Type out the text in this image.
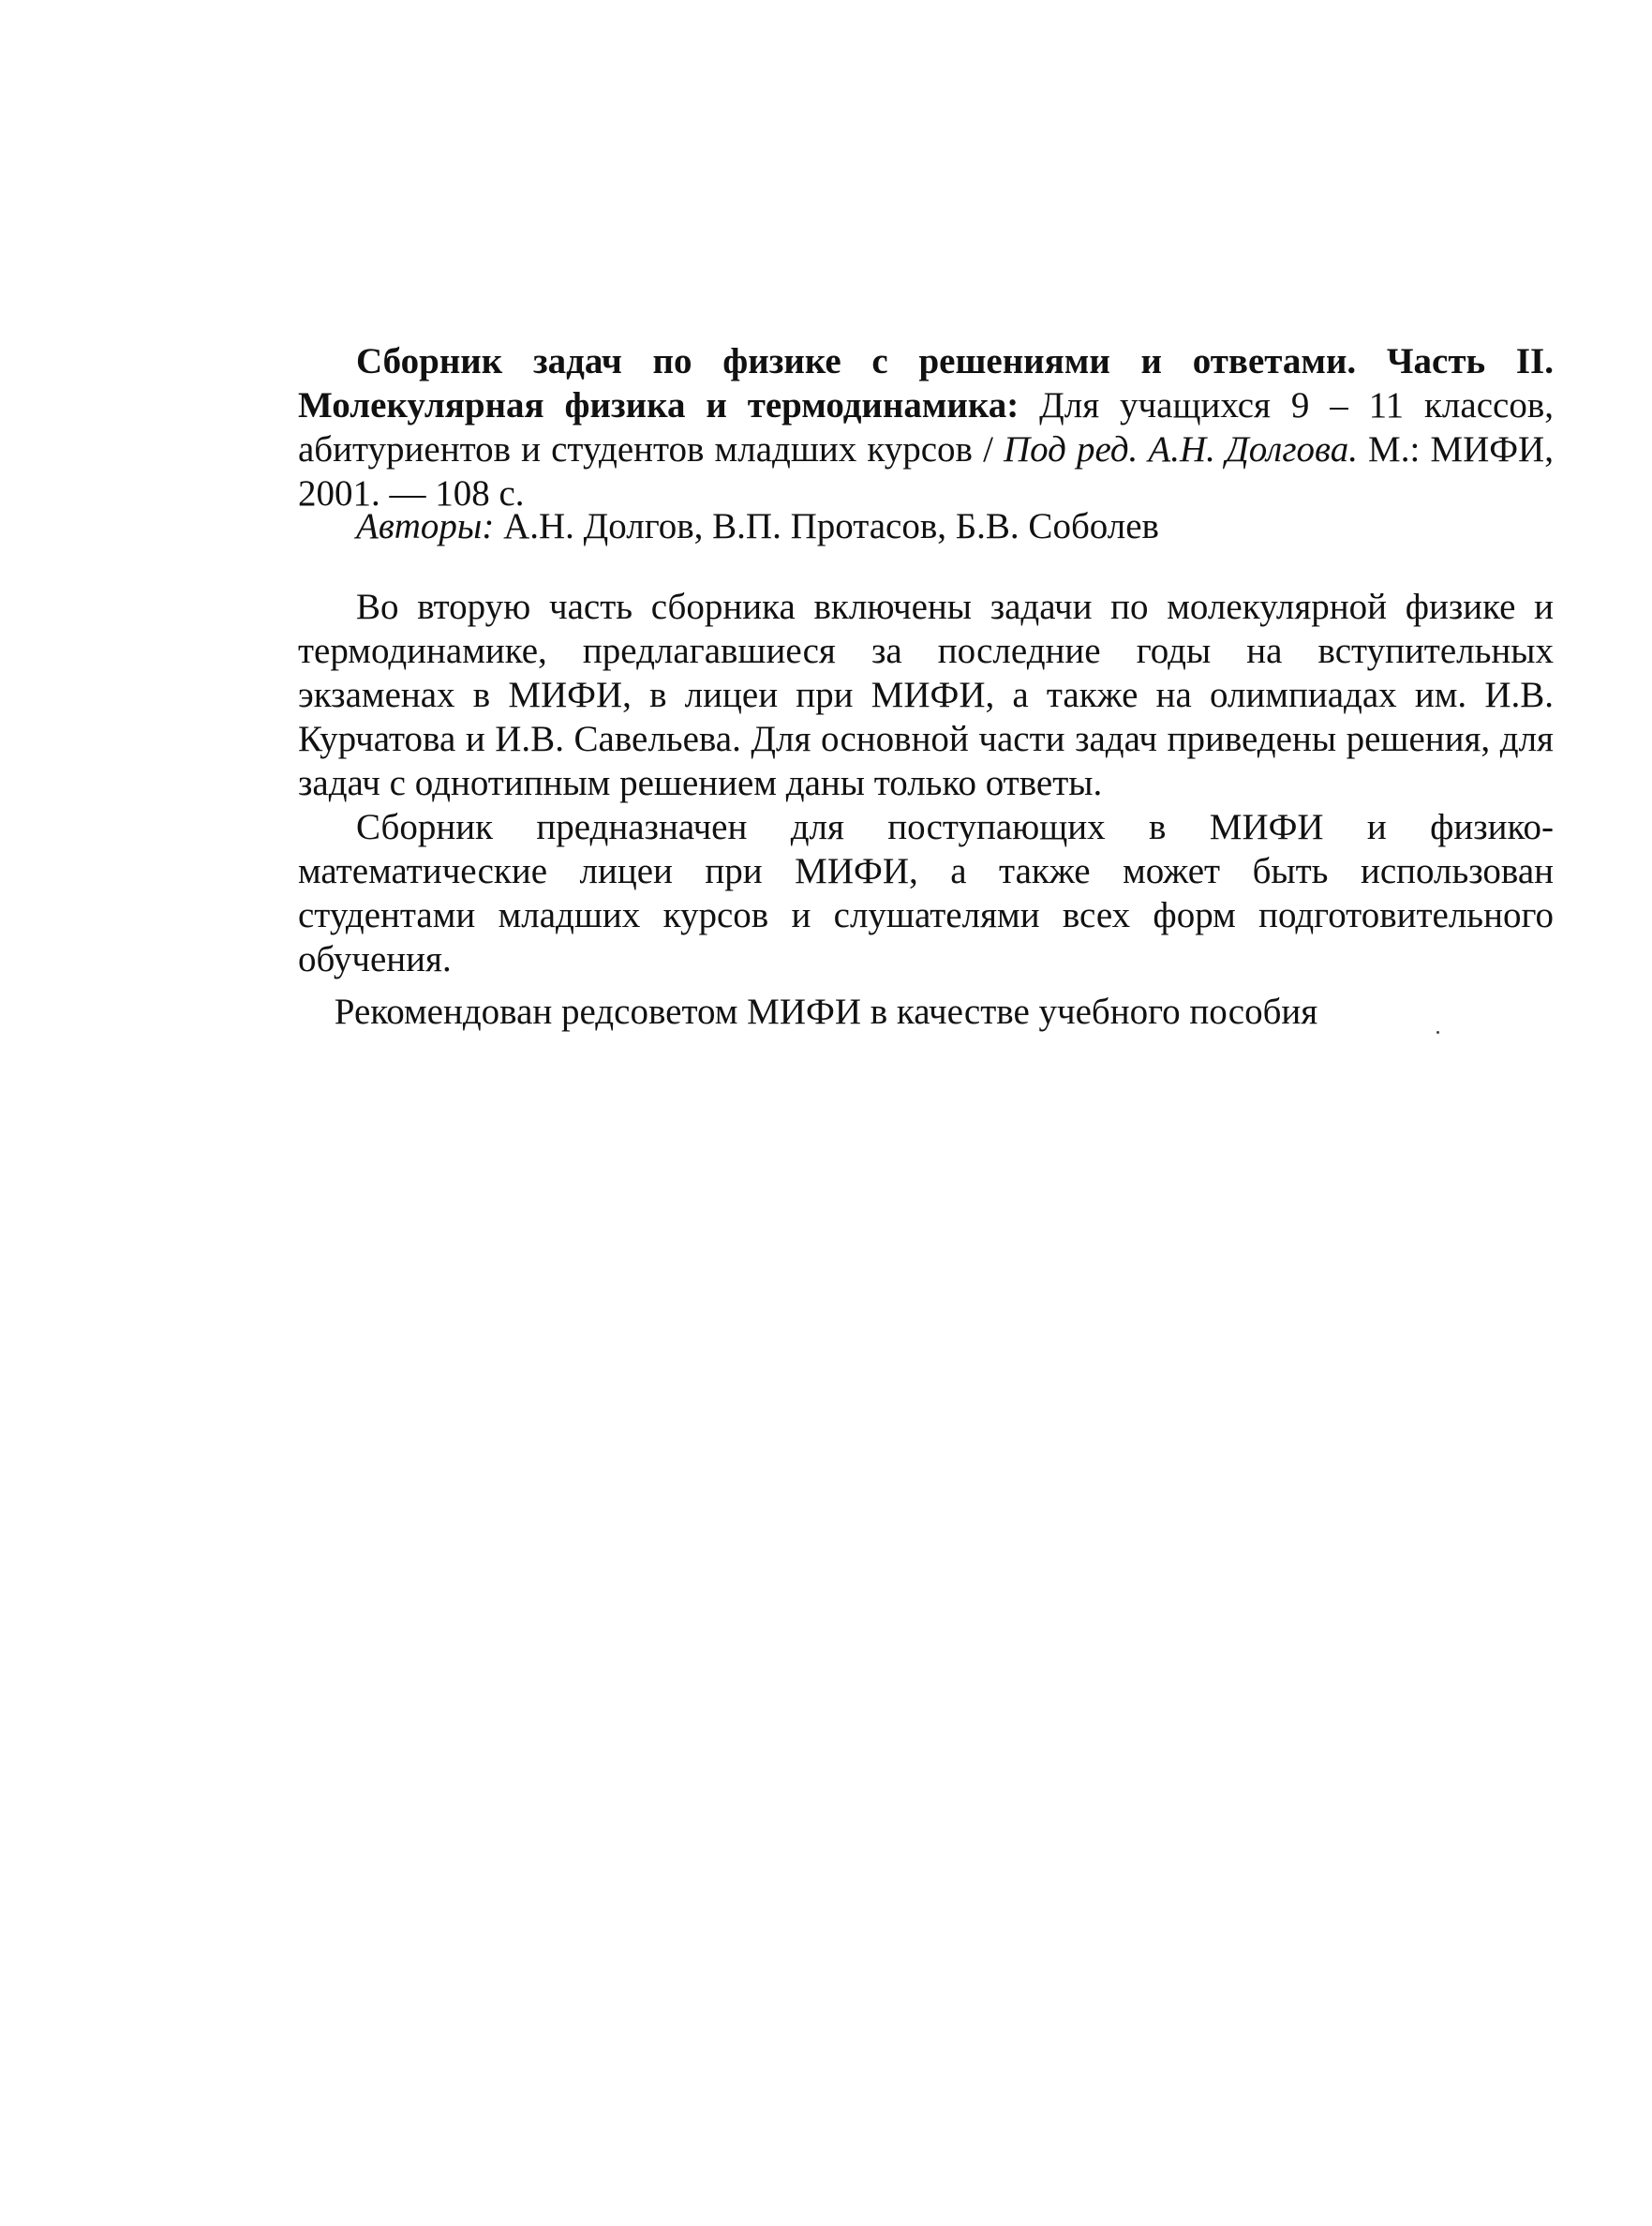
Сборник задач по физике с решениями и ответами. Часть II. Молекулярная физика и термодинамика: Для учащихся 9 – 11 классов, абитуриентов и студентов младших курсов / Под ред. А.Н. Долгова. М.: МИФИ, 2001. — 108 с.
Авторы: А.Н. Долгов, В.П. Протасов, Б.В. Соболев

Во вторую часть сборника включены задачи по молекулярной физике и термодинамике, предлагавшиеся за последние годы на вступительных экзаменах в МИФИ, в лицеи при МИФИ, а также на олимпиадах им. И.В. Курчатова и И.В. Савельева. Для основной части задач приведены решения, для задач с однотипным решением даны только ответы.

Сборник предназначен для поступающих в МИФИ и физико-математические лицеи при МИФИ, а также может быть использован студентами младших курсов и слушателями всех форм подготовительного обучения.

Рекомендован редсоветом МИФИ в качестве учебного пособия
